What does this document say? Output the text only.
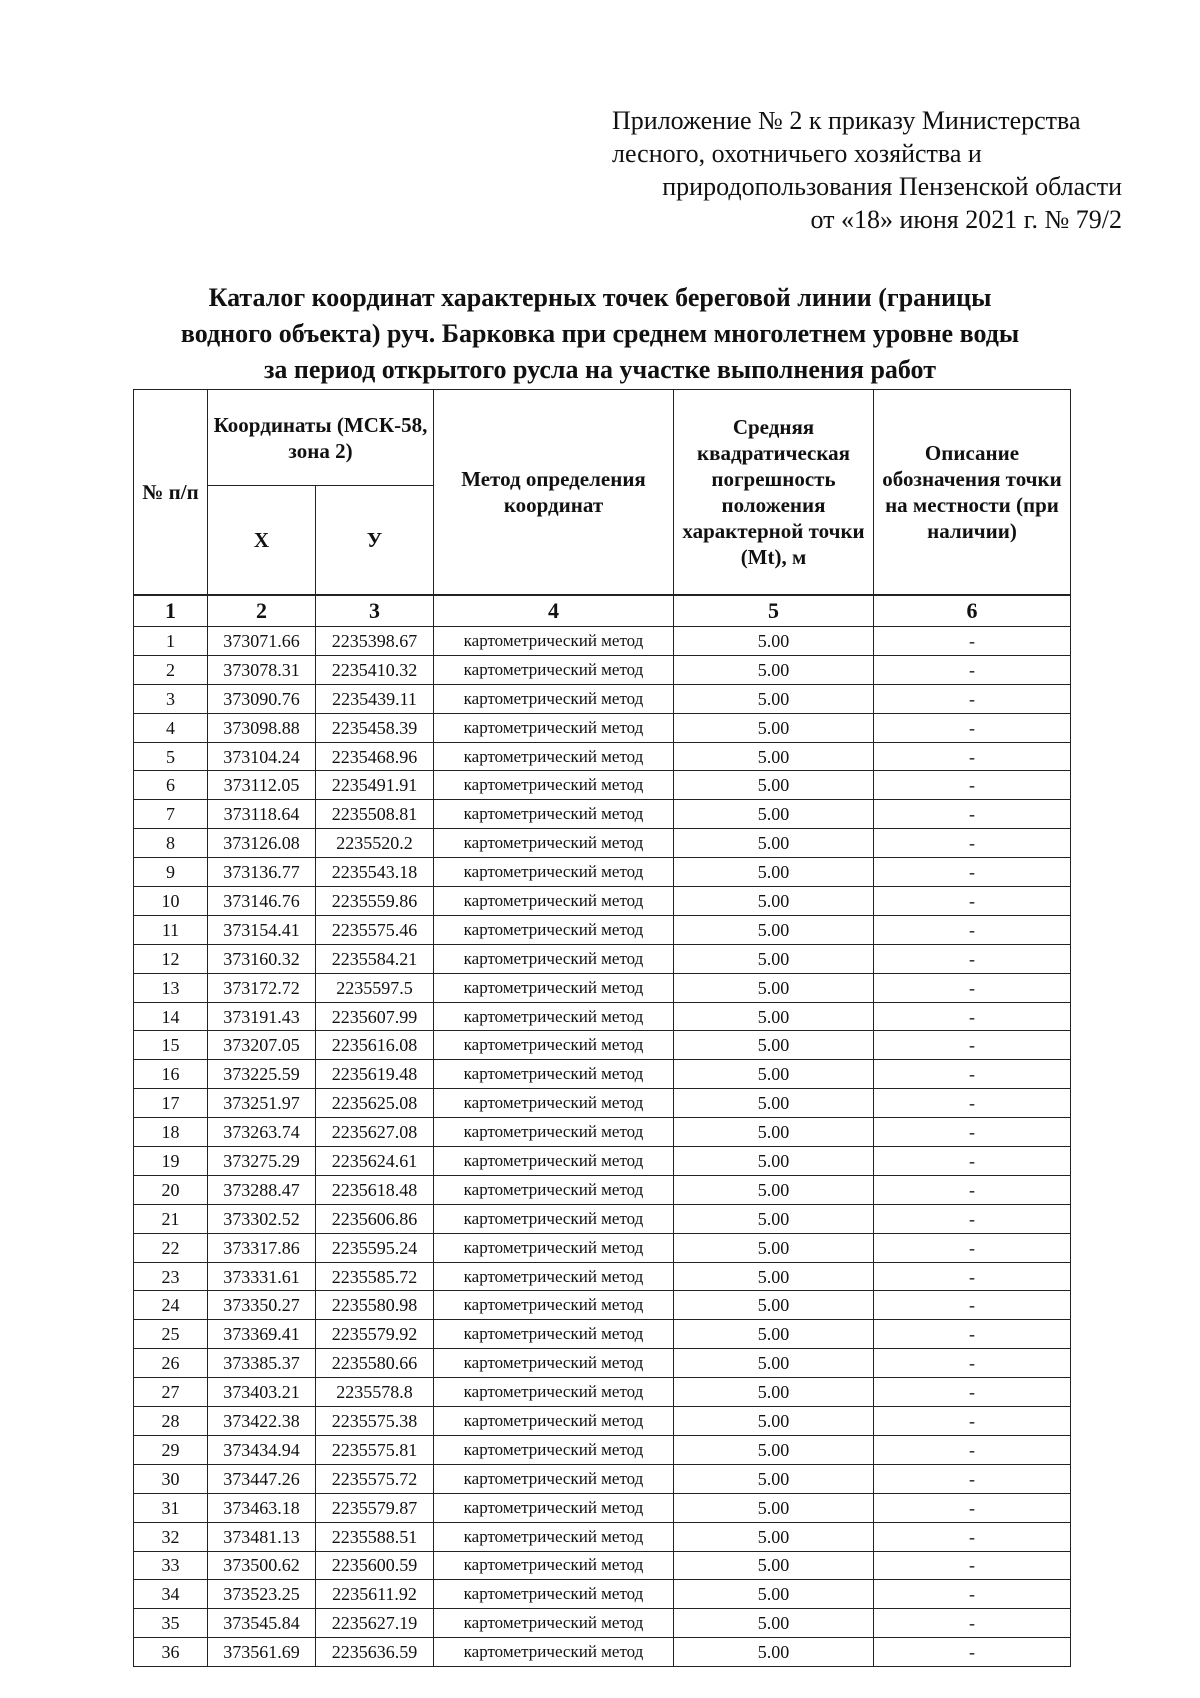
Приложение № 2 к приказу Министерства
лесного, охотничьего хозяйства и
природопользования Пензенской области
от «18» июня 2021 г. № 79/2
Каталог координат характерных точек береговой линии (границы
водного объекта) руч. Барковка при среднем многолетнем уровне воды
за период открытого русла на участке выполнения работ
№ п/п	Координаты (МСК-58, зона 2)		Метод определения координат	Средняя квадратическая погрешность положения характерной точки (Mt), м	Описание обозначения точки на местности (при наличии)
	Х	У			
1	2	3	4	5	6
1	373071.66	2235398.67	картометрический метод	5.00	-
2	373078.31	2235410.32	картометрический метод	5.00	-
3	373090.76	2235439.11	картометрический метод	5.00	-
4	373098.88	2235458.39	картометрический метод	5.00	-
5	373104.24	2235468.96	картометрический метод	5.00	-
6	373112.05	2235491.91	картометрический метод	5.00	-
7	373118.64	2235508.81	картометрический метод	5.00	-
8	373126.08	2235520.2	картометрический метод	5.00	-
9	373136.77	2235543.18	картометрический метод	5.00	-
10	373146.76	2235559.86	картометрический метод	5.00	-
11	373154.41	2235575.46	картометрический метод	5.00	-
12	373160.32	2235584.21	картометрический метод	5.00	-
13	373172.72	2235597.5	картометрический метод	5.00	-
14	373191.43	2235607.99	картометрический метод	5.00	-
15	373207.05	2235616.08	картометрический метод	5.00	-
16	373225.59	2235619.48	картометрический метод	5.00	-
17	373251.97	2235625.08	картометрический метод	5.00	-
18	373263.74	2235627.08	картометрический метод	5.00	-
19	373275.29	2235624.61	картометрический метод	5.00	-
20	373288.47	2235618.48	картометрический метод	5.00	-
21	373302.52	2235606.86	картометрический метод	5.00	-
22	373317.86	2235595.24	картометрический метод	5.00	-
23	373331.61	2235585.72	картометрический метод	5.00	-
24	373350.27	2235580.98	картометрический метод	5.00	-
25	373369.41	2235579.92	картометрический метод	5.00	-
26	373385.37	2235580.66	картометрический метод	5.00	-
27	373403.21	2235578.8	картометрический метод	5.00	-
28	373422.38	2235575.38	картометрический метод	5.00	-
29	373434.94	2235575.81	картометрический метод	5.00	-
30	373447.26	2235575.72	картометрический метод	5.00	-
31	373463.18	2235579.87	картометрический метод	5.00	-
32	373481.13	2235588.51	картометрический метод	5.00	-
33	373500.62	2235600.59	картометрический метод	5.00	-
34	373523.25	2235611.92	картометрический метод	5.00	-
35	373545.84	2235627.19	картометрический метод	5.00	-
36	373561.69	2235636.59	картометрический метод	5.00	-
